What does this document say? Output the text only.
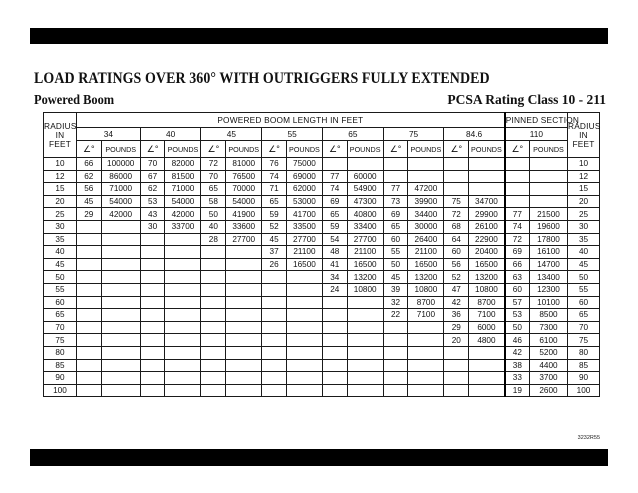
LOAD RATINGS OVER 360° WITH OUTRIGGERS FULLY EXTENDED
Powered Boom	PCSA Rating Class 10 - 211
RADIUS IN FEET	POWERED BOOM LENGTH IN FEET														PINNED SECTION		RADIUS IN FEET
	34		40		45		55		65		75		84.6		110		
	∠°	POUNDS	∠°	POUNDS	∠°	POUNDS	∠°	POUNDS	∠°	POUNDS	∠°	POUNDS	∠°	POUNDS	∠°	POUNDS	
10	66	100000	70	82000	72	81000	76	75000									10
12	62	86000	67	81500	70	76500	74	69000	77	60000							12
15	56	71000	62	71000	65	70000	71	62000	74	54900	77	47200					15
20	45	54000	53	54000	58	54000	65	53000	69	47300	73	39900	75	34700			20
25	29	42000	43	42000	50	41900	59	41700	65	40800	69	34400	72	29900	77	21500	25
30			30	33700	40	33600	52	33500	59	33400	65	30000	68	26100	74	19600	30
35					28	27700	45	27700	54	27700	60	26400	64	22900	72	17800	35
40							37	21100	48	21100	55	21100	60	20400	69	16100	40
45							26	16500	41	16500	50	16500	56	16500	66	14700	45
50									34	13200	45	13200	52	13200	63	13400	50
55									24	10800	39	10800	47	10800	60	12300	55
60											32	8700	42	8700	57	10100	60
65											22	7100	36	7100	53	8500	65
70													29	6000	50	7300	70
75													20	4800	46	6100	75
80															42	5200	80
85															38	4400	85
90															33	3700	90
100															19	2600	100
3232R55
